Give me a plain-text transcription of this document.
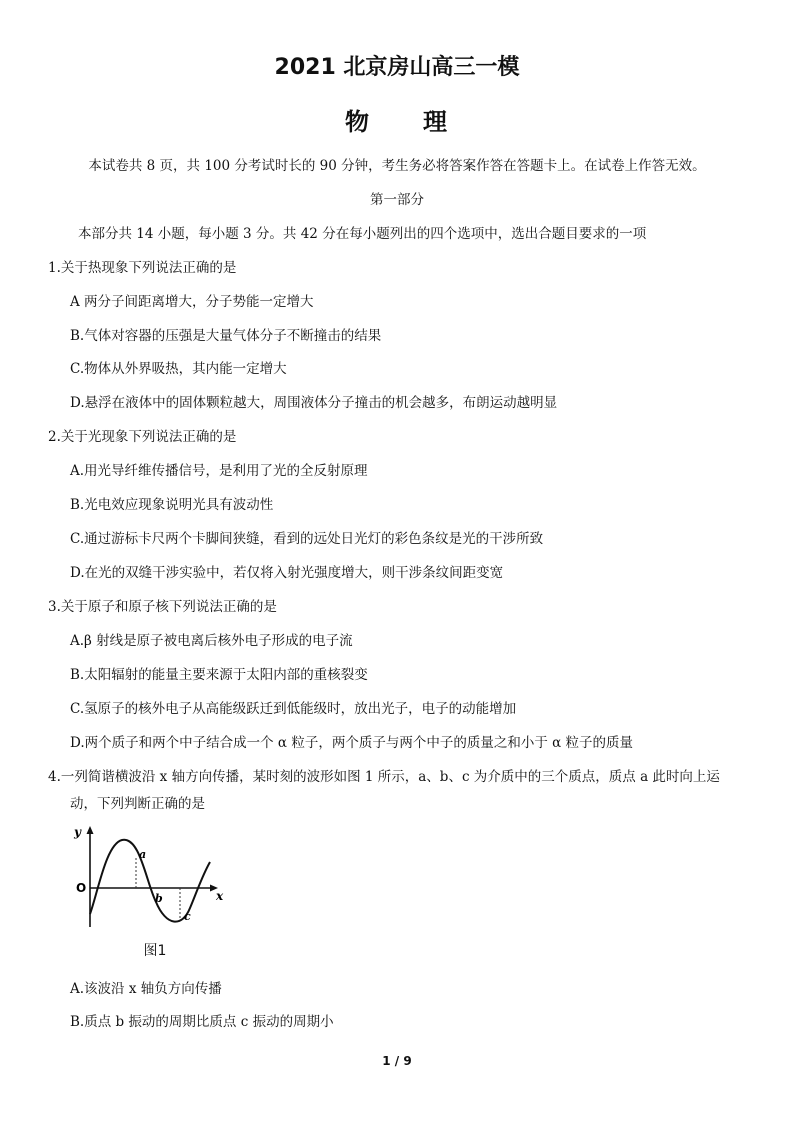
2021 北京房山高三一模
物　　理
本试卷共 8 页，共 100 分考试时长的 90 分钟，考生务必将答案作答在答题卡上。在试卷上作答无效。
第一部分
本部分共 14 小题，每小题 3 分。共 42 分在每小题列出的四个选项中，选出合题目要求的一项
1.关于热现象下列说法正确的是
A 两分子间距离增大，分子势能一定增大
B.气体对容器的压强是大量气体分子不断撞击的结果
C.物体从外界吸热，其内能一定增大
D.悬浮在液体中的固体颗粒越大，周围液体分子撞击的机会越多，布朗运动越明显
2.关于光现象下列说法正确的是
A.用光导纤维传播信号，是利用了光的全反射原理
B.光电效应现象说明光具有波动性
C.通过游标卡尺两个卡脚间狭缝，看到的远处日光灯的彩色条纹是光的干涉所致
D.在光的双缝干涉实验中，若仅将入射光强度增大，则干涉条纹间距变宽
3.关于原子和原子核下列说法正确的是
A.β 射线是原子被电离后核外电子形成的电子流
B.太阳辐射的能量主要来源于太阳内部的重核裂变
C.氢原子的核外电子从高能级跃迁到低能级时，放出光子，电子的动能增加
D.两个质子和两个中子结合成一个 α 粒子，两个质子与两个中子的质量之和小于 α 粒子的质量
4.一列简谐横波沿 x 轴方向传播，某时刻的波形如图 1 所示，a、b、c 为介质中的三个质点，质点 a 此时向上运
动，下列判断正确的是
y
x
O
a
b
c
图1
A.该波沿 x 轴负方向传播
B.质点 b 振动的周期比质点 c 振动的周期小
1 / 9
